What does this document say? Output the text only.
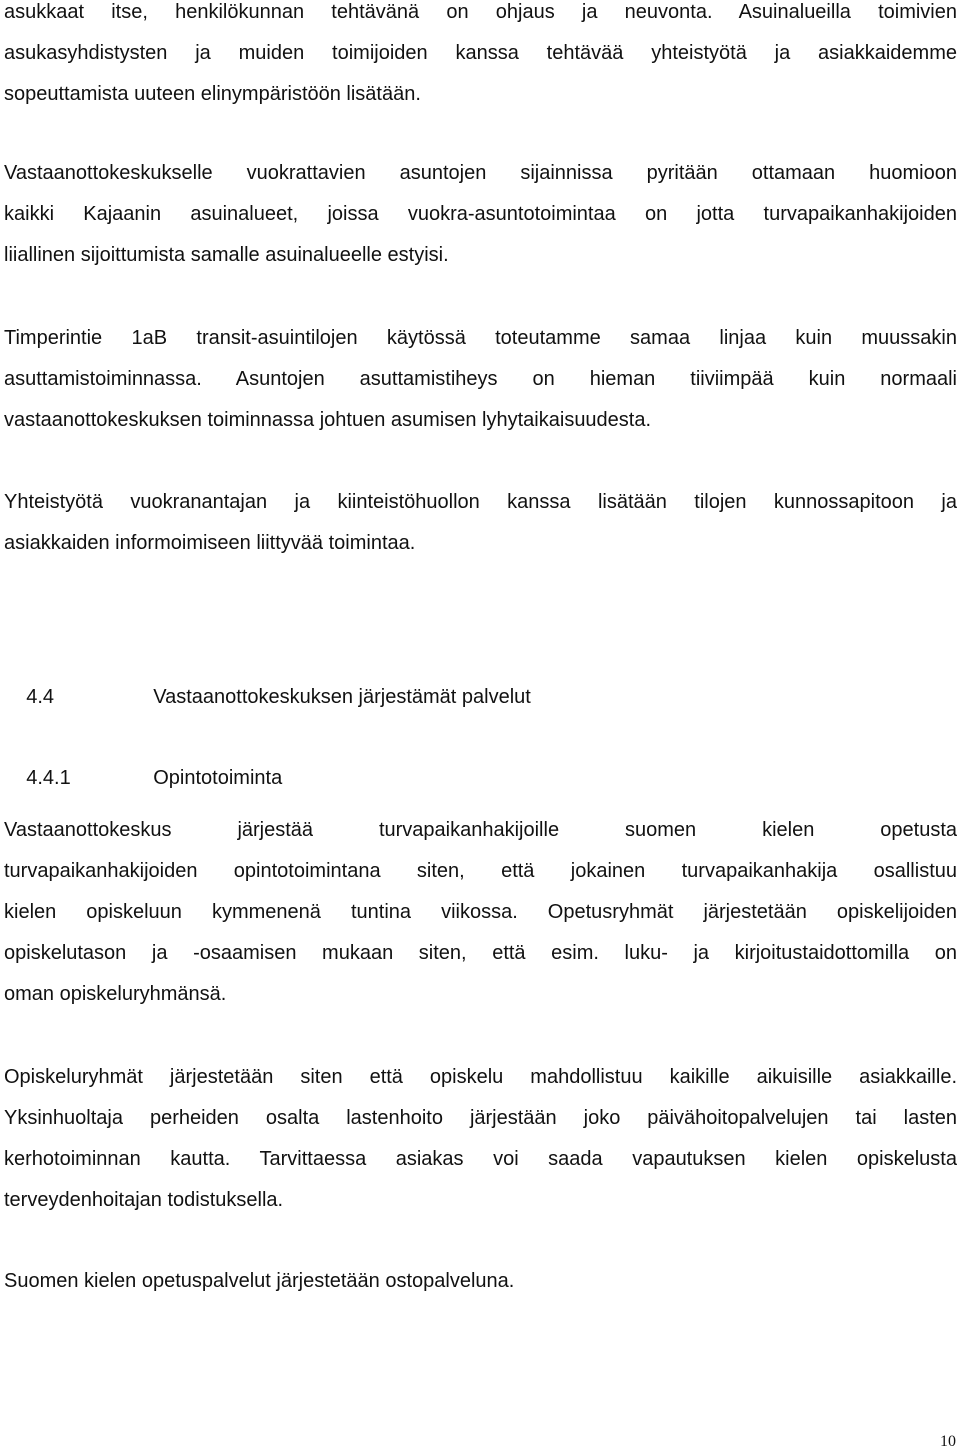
asukkaat itse, henkilökunnan tehtävänä on ohjaus ja neuvonta. Asuinalueilla toimivien
asukasyhdistysten ja muiden toimijoiden kanssa tehtävää yhteistyötä ja asiakkaidemme
sopeuttamista uuteen elinympäristöön lisätään.
Vastaanottokeskukselle vuokrattavien asuntojen sijainnissa pyritään ottamaan huomioon
kaikki Kajaanin asuinalueet, joissa vuokra-asuntotoimintaa on jotta turvapaikanhakijoiden
liiallinen sijoittumista samalle asuinalueelle estyisi.
Timperintie 1aB transit-asuintilojen käytössä toteutamme samaa linjaa kuin muussakin
asuttamistoiminnassa. Asuntojen asuttamistiheys on hieman tiiviimpää kuin normaali
vastaanottokeskuksen toiminnassa johtuen asumisen lyhytaikaisuudesta.
Yhteistyötä vuokranantajan ja kiinteistöhuollon kanssa lisätään tilojen kunnossapitoon ja
asiakkaiden informoimiseen liittyvää toimintaa.

4.4	Vastaanottokeskuksen järjestämät palvelut

4.4.1	Opintotoiminta

Vastaanottokeskus järjestää turvapaikanhakijoille suomen kielen opetusta
turvapaikanhakijoiden opintotoimintana siten, että jokainen turvapaikanhakija osallistuu
kielen opiskeluun kymmenenä tuntina viikossa. Opetusryhmät järjestetään opiskelijoiden
opiskelutason ja -osaamisen mukaan siten, että esim. luku- ja kirjoitustaidottomilla on
oman opiskeluryhmänsä.
Opiskeluryhmät järjestetään siten että opiskelu mahdollistuu kaikille aikuisille asiakkaille.
Yksinhuoltaja perheiden osalta lastenhoito järjestään joko päivähoitopalvelujen tai lasten
kerhotoiminnan kautta. Tarvittaessa asiakas voi saada vapautuksen kielen opiskelusta
terveydenhoitajan todistuksella.
Suomen kielen opetuspalvelut järjestetään ostopalveluna.
10
